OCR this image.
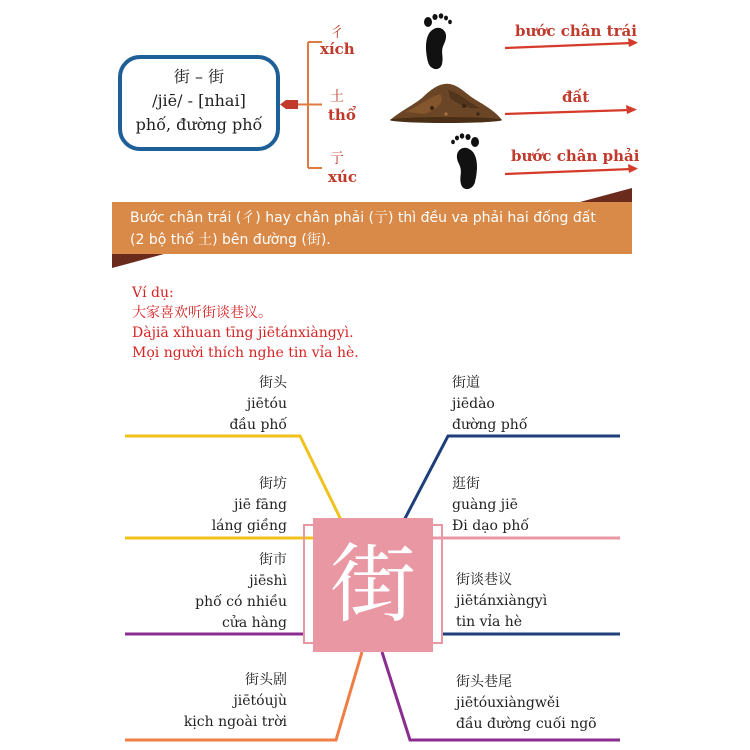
街 – 街
/jiē/ - [nhai]
phố, đường phố
彳
xích
土
thổ
亍
xúc
bước chân trái
đất
bước chân phải
Bước chân trái (彳) hay chân phải (亍) thì đều va phải hai đống đất
(2 bộ thổ 土) bên đường (街).
Ví dụ:
大家喜欢听街谈巷议。
Dàjiā xǐhuan tīng jiētánxiàngyì.
Mọi người thích nghe tin vỉa hè.
街
街头
jiētóu
đầu phố
街道
jiēdào
đường phố
街坊
jiē fāng
láng giềng
逛街
guàng jiē
Đi dạo phố
街市
jiēshì
phố có nhiều
cửa hàng
街谈巷议
jiētánxiàngyì
tin vỉa hè
街头剧
jiētóujù
kịch ngoài trời
街头巷尾
jiētóuxiàngwěi
đầu đường cuối ngõ
